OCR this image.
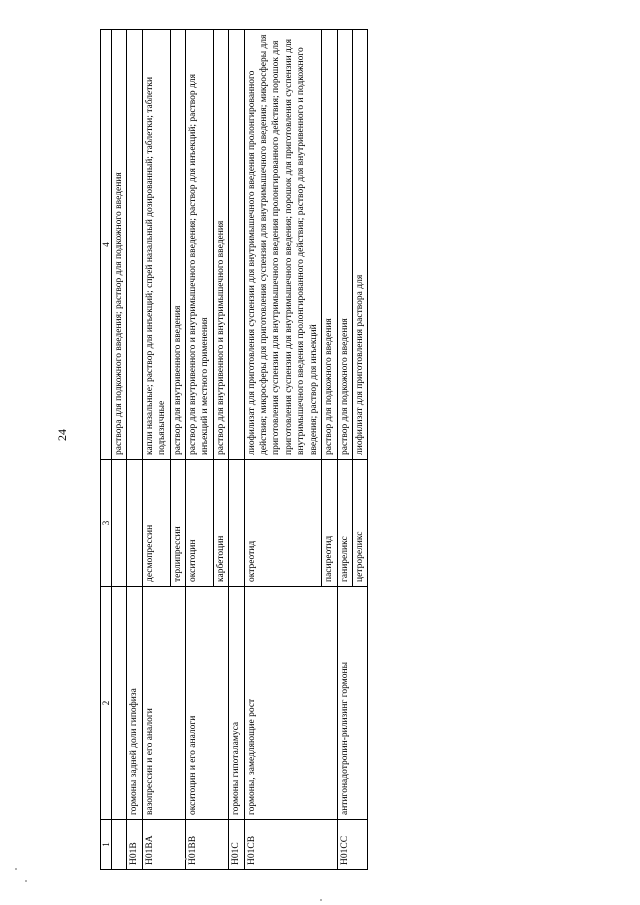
24
1	2	3	4
			раствора для подкожного введения; раствор для подкожного введения
H01B	гормоны задней доли гипофиза		
H01BA	вазопрессин и его аналоги	десмопрессин	капли назальные; раствор для инъекций; спрей назальный дозированный; таблетки; таблетки подъязычные
		терлипрессин	раствор для внутривенного введения
H01BB	окситоцин и его аналоги	окситоцин	раствор для внутривенного и внутримышечного введения; раствор для инъекций; раствор для инъекций и местного применения
		карбетоцин	раствор для внутривенного и внутримышечного введения
H01C	гормоны гипоталамуса		
H01CB	гормоны, замедляющие рост	октреотид	лиофилизат для приготовления суспензии для внутримышечного введения пролонгированного действия; микросферы для приготовления суспензии для внутримышечного введения; микросферы для приготовления суспензии для внутримышечного введения пролонгированного действия; порошок для приготовления суспензии для внутримышечного введения; порошок для приготовления суспензии для внутримышечного введения пролонгированного действия; раствор для внутривенного и подкожного введения; раствор для инъекций
		пасиреотид	раствор для подкожного введения
H01CC	антигонадотропин-рилизинг гормоны	ганиреликс	раствор для подкожного введения
		цетрореликс	лиофилизат для приготовления раствора для
